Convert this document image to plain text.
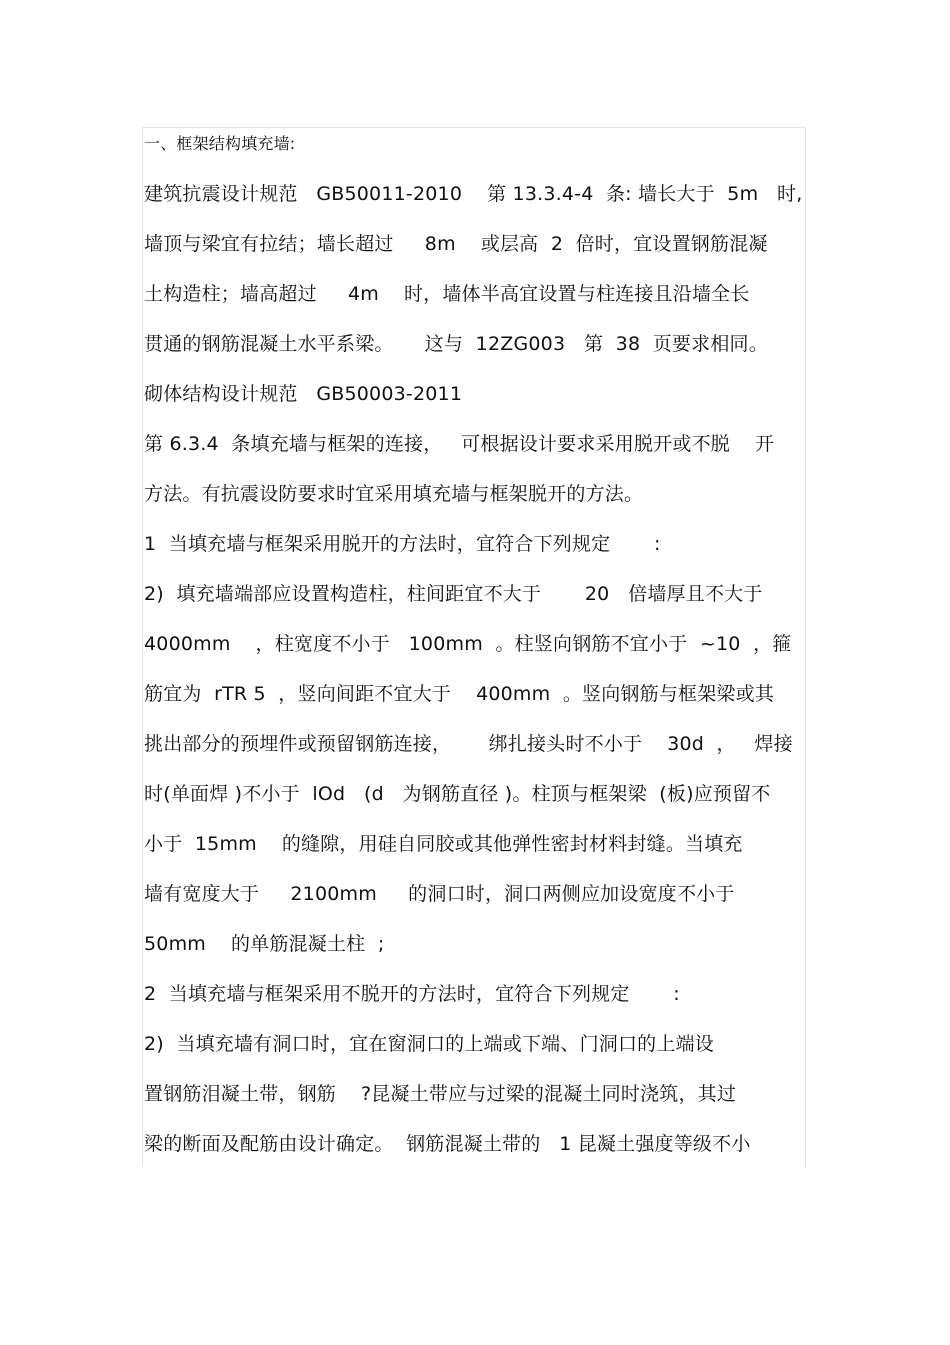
一、框架结构填充墙:
建筑抗震设计规范   GB50011-2010    第 13.3.4-4  条: 墙长大于  5m   时,
墙顶与梁宜有拉结；墙长超过     8m    或层高  2  倍时，宜设置钢筋混凝
土构造柱；墙高超过     4m    时，墙体半高宜设置与柱连接且沿墙全长
贯通的钢筋混凝土水平系梁。     这与  12ZG003   第  38  页要求相同。
砌体结构设计规范   GB50003-2011
第 6.3.4  条填充墙与框架的连接，   可根据设计要求采用脱开或不脱    开
方法。有抗震设防要求时宜采用填充墙与框架脱开的方法。
1  当填充墙与框架采用脱开的方法时，宜符合下列规定       :
2)  填充墙端部应设置构造柱，柱间距宜不大于       20   倍墙厚且不大于
4000mm    ，柱宽度不小于   100mm  。柱竖向钢筋不宜小于  ~10  ，箍
筋宜为  rTR 5  ，竖向间距不宜大于    400mm  。竖向钢筋与框架梁或其
挑出部分的预埋件或预留钢筋连接，      绑扎接头时不小于    30d  ，   焊接
时(单面焊 )不小于  lOd   (d   为钢筋直径 )。柱顶与框架梁  (板)应预留不
小于  15mm    的缝隙，用硅自同胶或其他弹性密封材料封缝。当填充
墙有宽度大于     2100mm     的洞口时，洞口两侧应加设宽度不小于
50mm    的单筋混凝土柱  ;
2  当填充墙与框架采用不脱开的方法时，宜符合下列规定       :
2)  当填充墙有洞口时，宜在窗洞口的上端或下端、门洞口的上端设
置钢筋泪凝土带，钢筋    ?昆凝土带应与过梁的混凝土同时浇筑，其过
梁的断面及配筋由设计确定。  钢筋混凝土带的   1 昆凝土强度等级不小
